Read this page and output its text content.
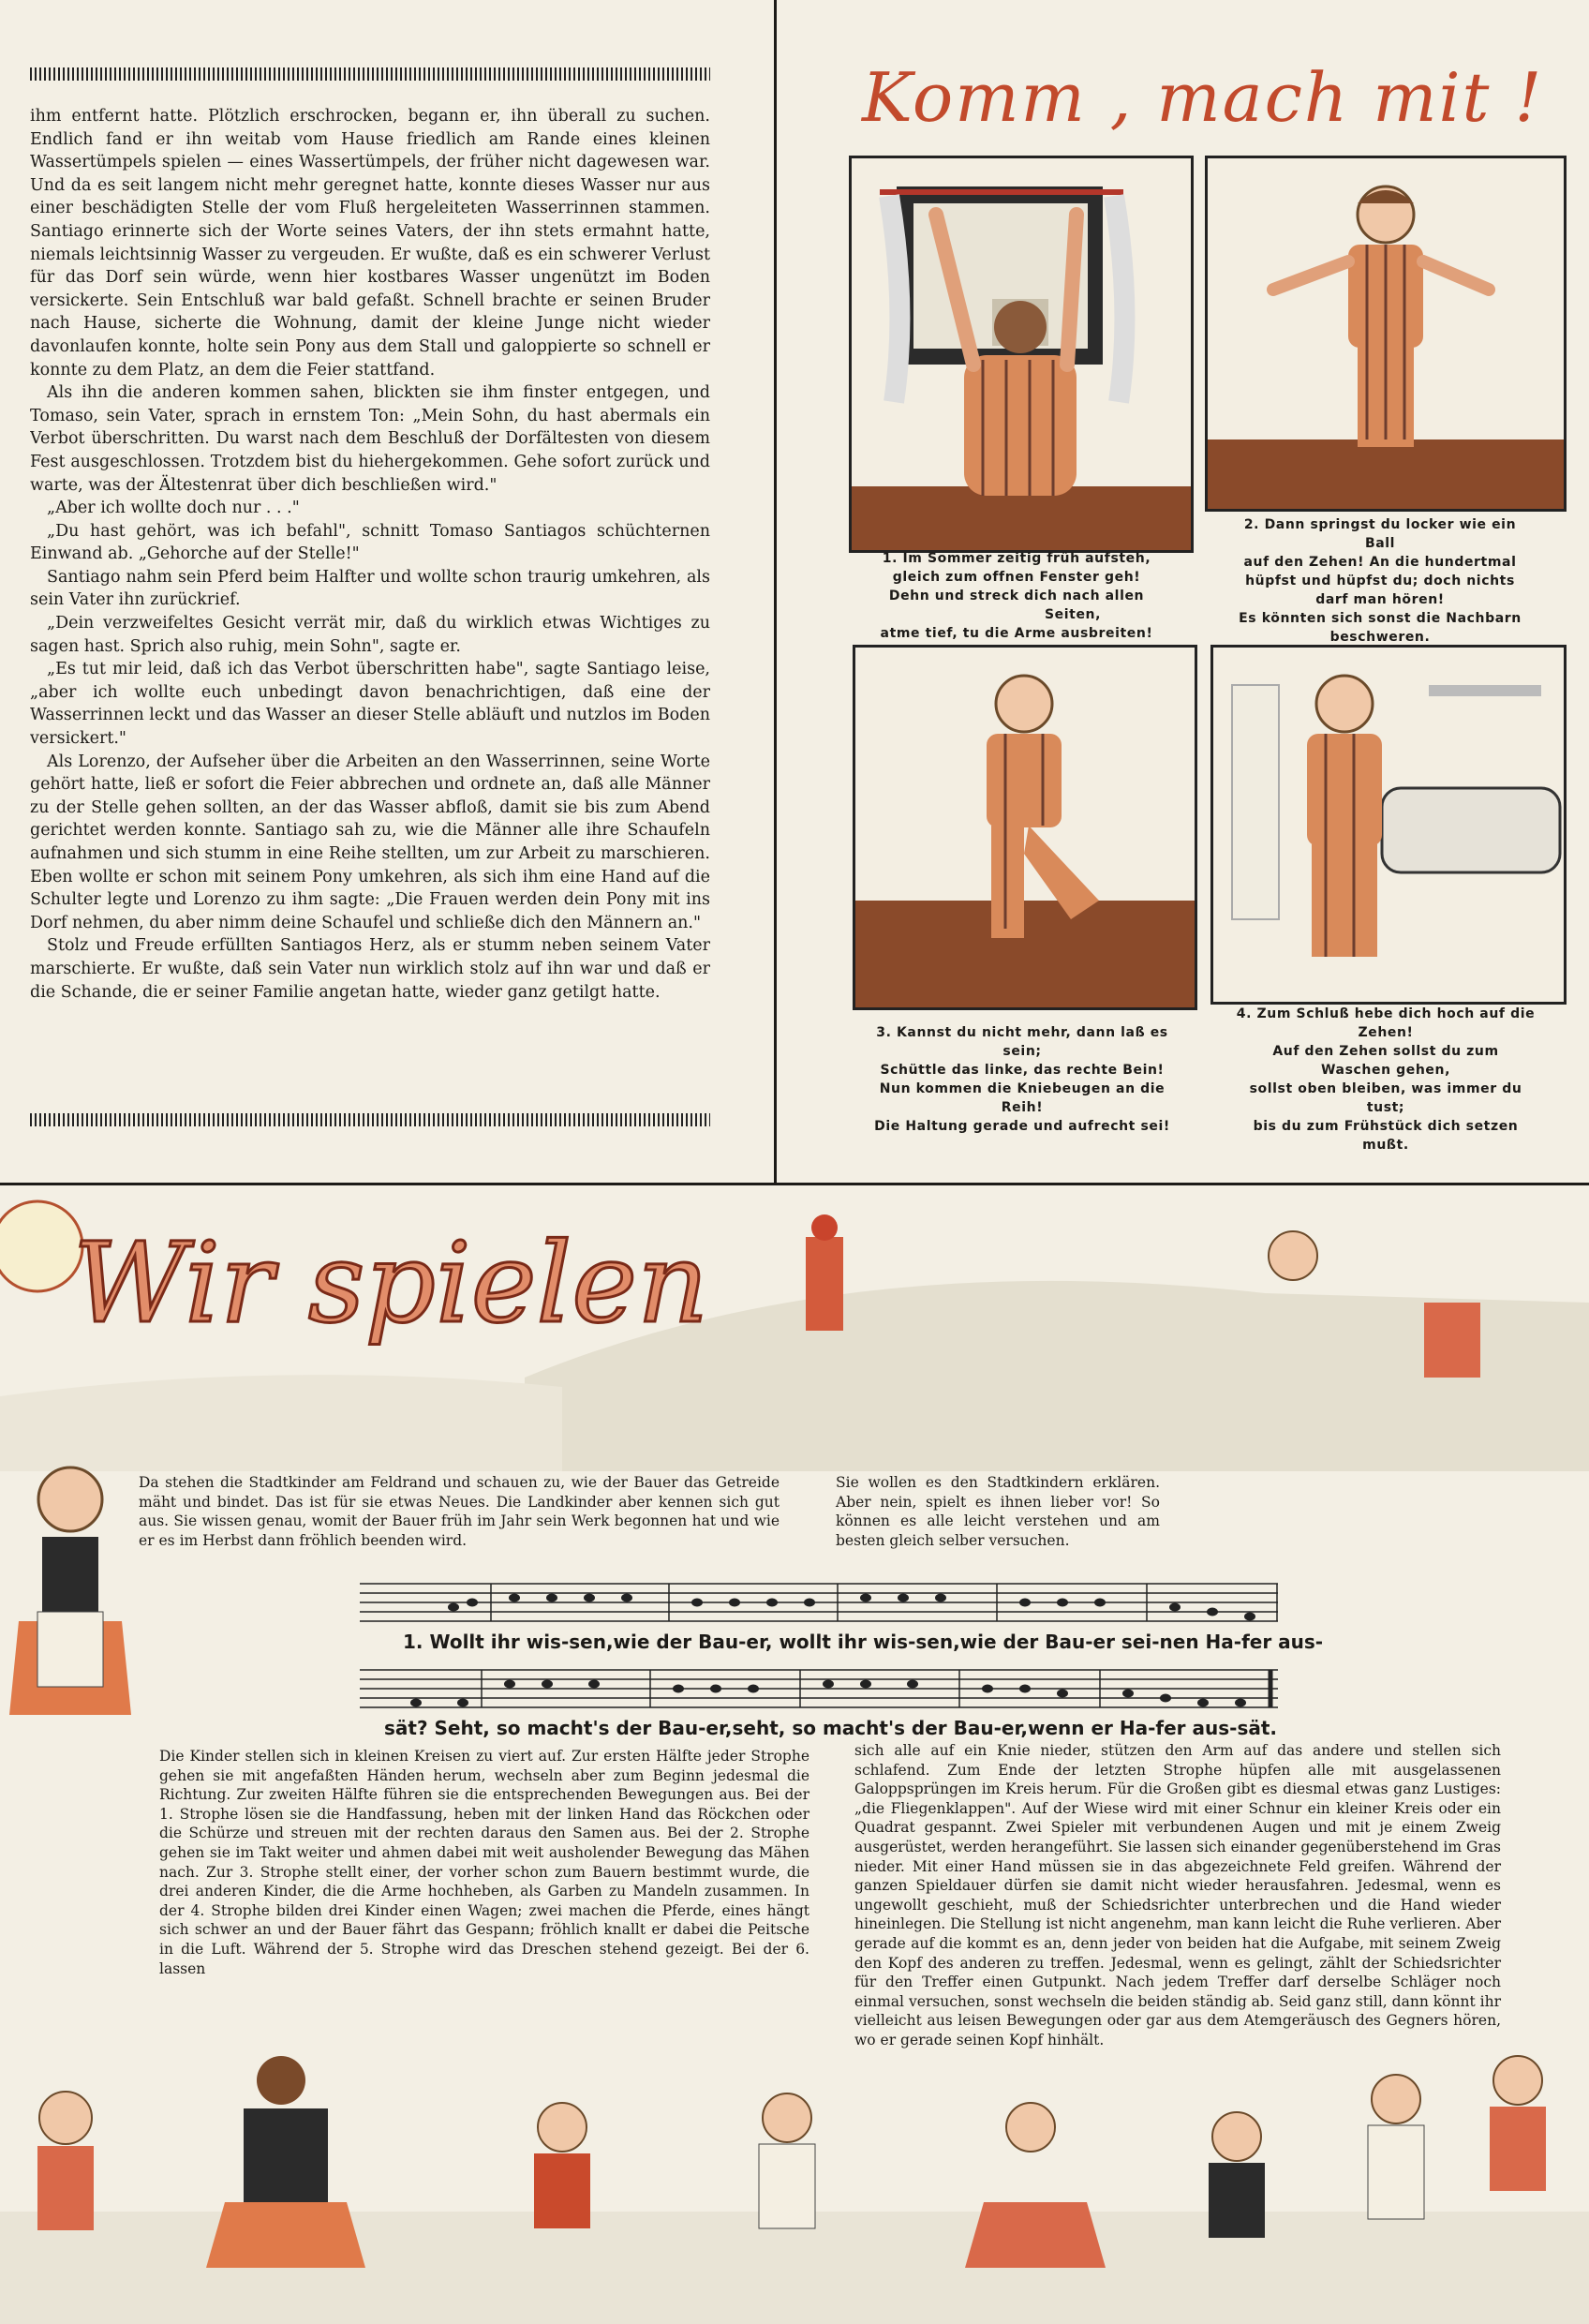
ihm entfernt hatte. Plötzlich erschrocken, begann er, ihn überall zu suchen. Endlich fand er ihn weitab vom Hause friedlich am Rande eines kleinen Wassertümpels spielen — eines Wassertümpels, der früher nicht dagewesen war. Und da es seit langem nicht mehr geregnet hatte, konnte dieses Wasser nur aus einer beschädigten Stelle der vom Fluß hergeleiteten Wasserrinnen stammen. Santiago erinnerte sich der Worte seines Vaters, der ihn stets ermahnt hatte, niemals leichtsinnig Wasser zu vergeuden. Er wußte, daß es ein schwerer Verlust für das Dorf sein würde, wenn hier kostbares Wasser ungenützt im Boden versickerte. Sein Entschluß war bald gefaßt. Schnell brachte er seinen Bruder nach Hause, sicherte die Wohnung, damit der kleine Junge nicht wieder davonlaufen konnte, holte sein Pony aus dem Stall und galoppierte so schnell er konnte zu dem Platz, an dem die Feier stattfand.

Als ihn die anderen kommen sahen, blickten sie ihm finster entgegen, und Tomaso, sein Vater, sprach in ernstem Ton: „Mein Sohn, du hast abermals ein Verbot überschritten. Du warst nach dem Beschluß der Dorfältesten von diesem Fest ausgeschlossen. Trotzdem bist du hiehergekommen. Gehe sofort zurück und warte, was der Ältestenrat über dich beschließen wird."

„Aber ich wollte doch nur . . ."

„Du hast gehört, was ich befahl", schnitt Tomaso Santiagos schüchternen Einwand ab. „Gehorche auf der Stelle!"

Santiago nahm sein Pferd beim Halfter und wollte schon traurig umkehren, als sein Vater ihn zurückrief.

„Dein verzweifeltes Gesicht verrät mir, daß du wirklich etwas Wichtiges zu sagen hast. Sprich also ruhig, mein Sohn", sagte er.

„Es tut mir leid, daß ich das Verbot überschritten habe", sagte Santiago leise, „aber ich wollte euch unbedingt davon benachrichtigen, daß eine der Wasserrinnen leckt und das Wasser an dieser Stelle abläuft und nutzlos im Boden versickert."

Als Lorenzo, der Aufseher über die Arbeiten an den Wasserrinnen, seine Worte gehört hatte, ließ er sofort die Feier abbrechen und ordnete an, daß alle Männer zu der Stelle gehen sollten, an der das Wasser abfloß, damit sie bis zum Abend gerichtet werden konnte. Santiago sah zu, wie die Männer alle ihre Schaufeln aufnahmen und sich stumm in eine Reihe stellten, um zur Arbeit zu marschieren. Eben wollte er schon mit seinem Pony umkehren, als sich ihm eine Hand auf die Schulter legte und Lorenzo zu ihm sagte: „Die Frauen werden dein Pony mit ins Dorf nehmen, du aber nimm deine Schaufel und schließe dich den Männern an."

Stolz und Freude erfüllten Santiagos Herz, als er stumm neben seinem Vater marschierte. Er wußte, daß sein Vater nun wirklich stolz auf ihn war und daß er die Schande, die er seiner Familie angetan hatte, wieder ganz getilgt hatte.

Komm , mach mit !
1. Im Sommer zeitig früh aufsteh,
gleich zum offnen Fenster geh!
Dehn und streck dich nach allen
Seiten,
atme tief, tu die Arme ausbreiten!
2. Dann springst du locker wie ein
Ball
auf den Zehen! An die hundertmal
hüpfst und hüpfst du; doch nichts
darf man hören!
Es könnten sich sonst die Nachbarn
beschweren.
3. Kannst du nicht mehr, dann laß es
sein;
Schüttle das linke, das rechte Bein!
Nun kommen die Kniebeugen an die
Reih!
Die Haltung gerade und aufrecht sei!
4. Zum Schluß hebe dich hoch auf die
Zehen!
Auf den Zehen sollst du zum
Waschen gehen,
sollst oben bleiben, was immer du
tust;
bis du zum Frühstück dich setzen
mußt.
Wir spielen

Da stehen die Stadtkinder am Feldrand und schauen zu, wie der Bauer das Getreide mäht und bindet. Das ist für sie etwas Neues. Die Landkinder aber kennen sich gut aus. Sie wissen genau, womit der Bauer früh im Jahr sein Werk begonnen hat und wie er es im Herbst dann fröhlich beenden wird.

Sie wollen es den Stadtkindern erklären. Aber nein, spielt es ihnen lieber vor! So können es alle leicht verstehen und am besten gleich selber versuchen.

1. Wollt ihr wis-sen,wie der Bau-er, wollt ihr wis-sen,wie der Bau-er sei-nen Ha-fer aus-
sät? Seht, so macht's der Bau-er,seht, so macht's der Bau-er,wenn er Ha-fer aus-sät.

Die Kinder stellen sich in kleinen Kreisen zu viert auf. Zur ersten Hälfte jeder Strophe gehen sie mit angefaßten Händen herum, wechseln aber zum Beginn jedesmal die Richtung. Zur zweiten Hälfte führen sie die entsprechenden Bewegungen aus. Bei der 1. Strophe lösen sie die Handfassung, heben mit der linken Hand das Röckchen oder die Schürze und streuen mit der rechten daraus den Samen aus. Bei der 2. Strophe gehen sie im Takt weiter und ahmen dabei mit weit ausholender Bewegung das Mähen nach. Zur 3. Strophe stellt einer, der vorher schon zum Bauern bestimmt wurde, die drei anderen Kinder, die die Arme hochheben, als Garben zu Mandeln zusammen. In der 4. Strophe bilden drei Kinder einen Wagen; zwei machen die Pferde, eines hängt sich schwer an und der Bauer fährt das Gespann; fröhlich knallt er dabei die Peitsche in die Luft. Während der 5. Strophe wird das Dreschen stehend gezeigt. Bei der 6. lassen

sich alle auf ein Knie nieder, stützen den Arm auf das andere und stellen sich schlafend. Zum Ende der letzten Strophe hüpfen alle mit ausgelassenen Galoppsprüngen im Kreis herum. Für die Großen gibt es diesmal etwas ganz Lustiges: „die Fliegenklappen". Auf der Wiese wird mit einer Schnur ein kleiner Kreis oder ein Quadrat gespannt. Zwei Spieler mit verbundenen Augen und mit je einem Zweig ausgerüstet, werden herangeführt. Sie lassen sich einander gegenüberstehend im Gras nieder. Mit einer Hand müssen sie in das abgezeichnete Feld greifen. Während der ganzen Spieldauer dürfen sie damit nicht wieder herausfahren. Jedesmal, wenn es ungewollt geschieht, muß der Schiedsrichter unterbrechen und die Hand wieder hineinlegen. Die Stellung ist nicht angenehm, man kann leicht die Ruhe verlieren. Aber gerade auf die kommt es an, denn jeder von beiden hat die Aufgabe, mit seinem Zweig den Kopf des anderen zu treffen. Jedesmal, wenn es gelingt, zählt der Schiedsrichter für den Treffer einen Gutpunkt. Nach jedem Treffer darf derselbe Schläger noch einmal versuchen, sonst wechseln die beiden ständig ab. Seid ganz still, dann könnt ihr vielleicht aus leisen Bewegungen oder gar aus dem Atemgeräusch des Gegners hören, wo er gerade seinen Kopf hinhält.
